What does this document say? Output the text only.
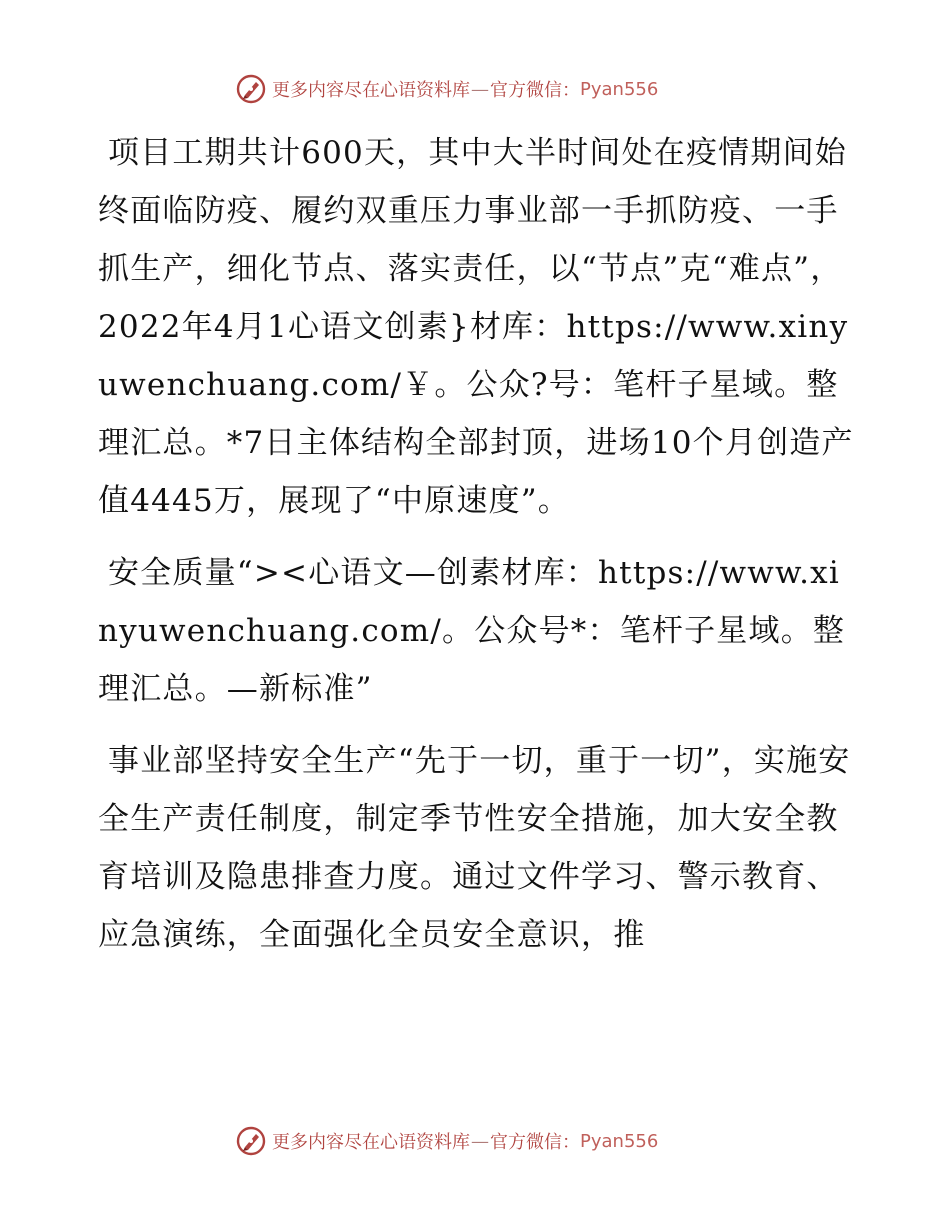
更多内容尽在心语资料库 — 官方微信： Pyan556

项目工期共计600天，其中大半时间处在疫情期间始终面临防疫、履约双重压力事业部一手抓防疫、一手抓生产，细化节点、落实责任，以“节点”克“难点”，2022年4月1心语文创素}材库：https://www.xinyuwenchuang.com/￥。公众?号：笔杆子星域。整理汇总。*7日主体结构全部封顶，进场10个月创造产值4445万，展现了“中原速度”。

安全质量“><心语文—创素材库：https://www.xinyuwenchuang.com/。公众号*：笔杆子星域。整理汇总。—新标准”

事业部坚持安全生产“先于一切，重于一切”，实施安全生产责任制度，制定季节性安全措施，加大安全教育培训及隐患排查力度。通过文件学习、警示教育、应急演练，全面强化全员安全意识，推

更多内容尽在心语资料库 — 官方微信： Pyan556
